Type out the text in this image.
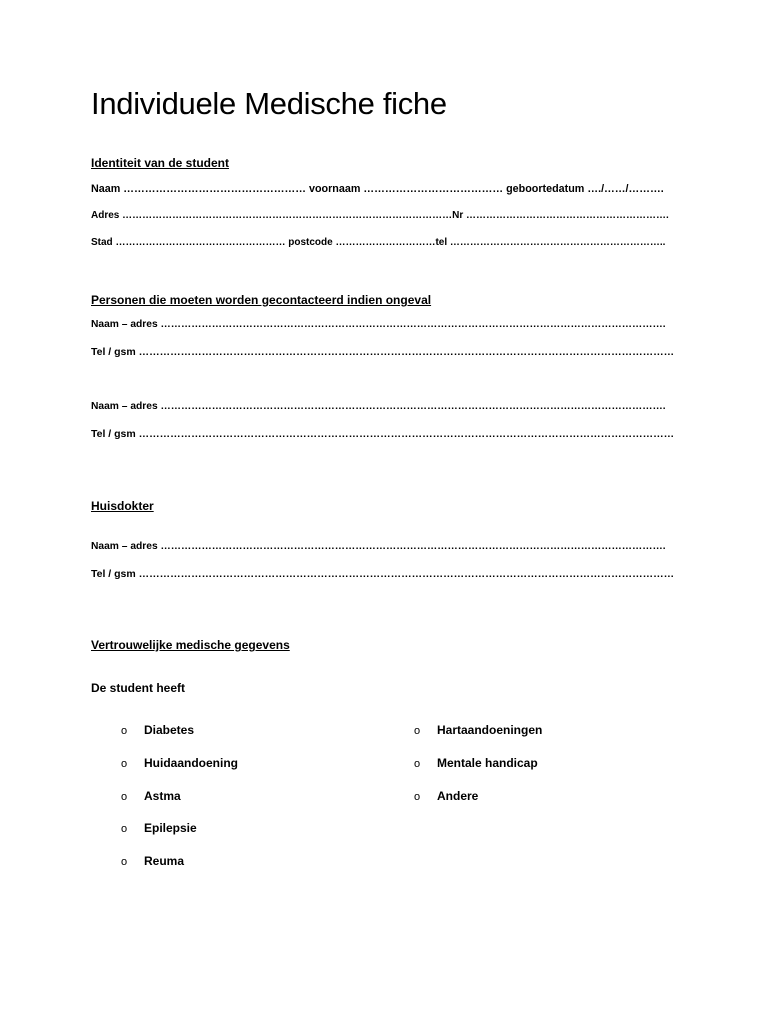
Individuele Medische fiche
Identiteit van de student
Naam …………………………………………… voornaam ………………………………… geboortedatum …./……/……….
Adres ………………………………………………………………………………………Nr …………………………………………………….
Stad …………………………………………… postcode …………………………tel ………………………………………………………..
Personen die moeten worden gecontacteerd indien ongeval
Naam – adres ………………………………………………………………………………………………………………………………….
Tel / gsm ………………………………………………………………………………………………………………………………………
Naam – adres ………………………………………………………………………………………………………………………………….
Tel / gsm ………………………………………………………………………………………………………………………………………
Huisdokter
Naam – adres ………………………………………………………………………………………………………………………………….
Tel / gsm ………………………………………………………………………………………………………………………………………
Vertrouwelijke medische gegevens
De student heeft
o Diabetes
o Huidaandoening
o Astma
o Epilepsie
o Reuma
o Hartaandoeningen
o Mentale handicap
o Andere
